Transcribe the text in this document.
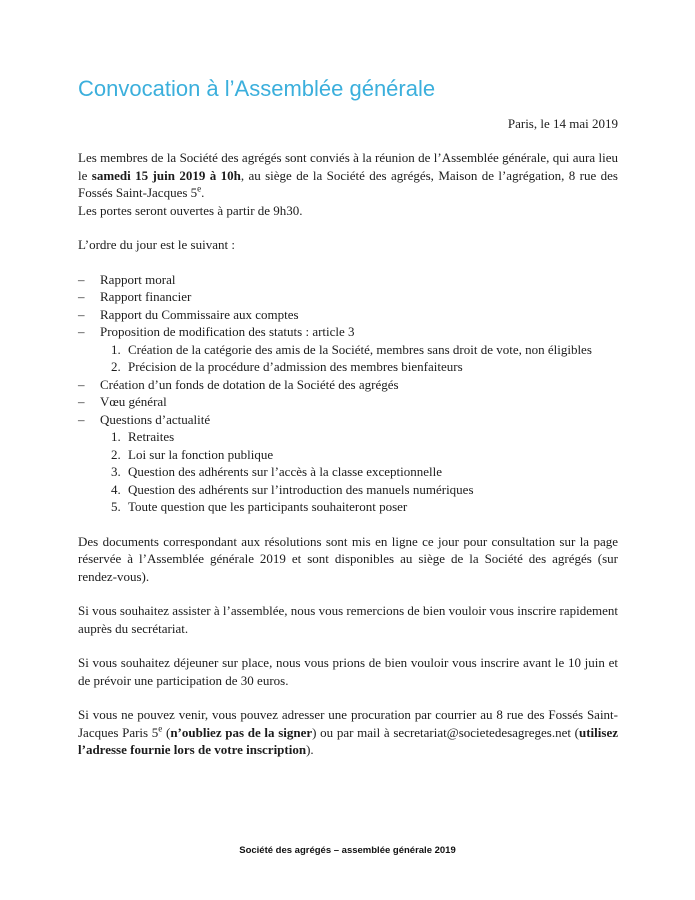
Convocation à l’Assemblée générale
Paris, le 14 mai 2019
Les membres de la Société des agrégés sont conviés à la réunion de l’Assemblée générale, qui aura lieu le samedi 15 juin 2019 à 10h, au siège de la Société des agrégés, Maison de l’agrégation, 8 rue des Fossés Saint-Jacques 5e.
Les portes seront ouvertes à partir de 9h30.
L’ordre du jour est le suivant :
– Rapport moral
– Rapport financier
– Rapport du Commissaire aux comptes
– Proposition de modification des statuts : article 3
1. Création de la catégorie des amis de la Société, membres sans droit de vote, non éligibles
2. Précision de la procédure d’admission des membres bienfaiteurs
– Création d’un fonds de dotation de la Société des agrégés
– Vœu général
– Questions d’actualité
1. Retraites
2. Loi sur la fonction publique
3. Question des adhérents sur l’accès à la classe exceptionnelle
4. Question des adhérents sur l’introduction des manuels numériques
5. Toute question que les participants souhaiteront poser
Des documents correspondant aux résolutions sont mis en ligne ce jour pour consultation sur la page réservée à l’Assemblée générale 2019 et sont disponibles au siège de la Société des agrégés (sur rendez-vous).
Si vous souhaitez assister à l’assemblée, nous vous remercions de bien vouloir vous inscrire rapidement auprès du secrétariat.
Si vous souhaitez déjeuner sur place, nous vous prions de bien vouloir vous inscrire avant le 10 juin et de prévoir une participation de 30 euros.
Si vous ne pouvez venir, vous pouvez adresser une procuration par courrier au 8 rue des Fossés Saint-Jacques Paris 5e (n’oubliez pas de la signer) ou par mail à secretariat@societedesagreges.net (utilisez l’adresse fournie lors de votre inscription).
Société des agrégés – assemblée générale 2019
